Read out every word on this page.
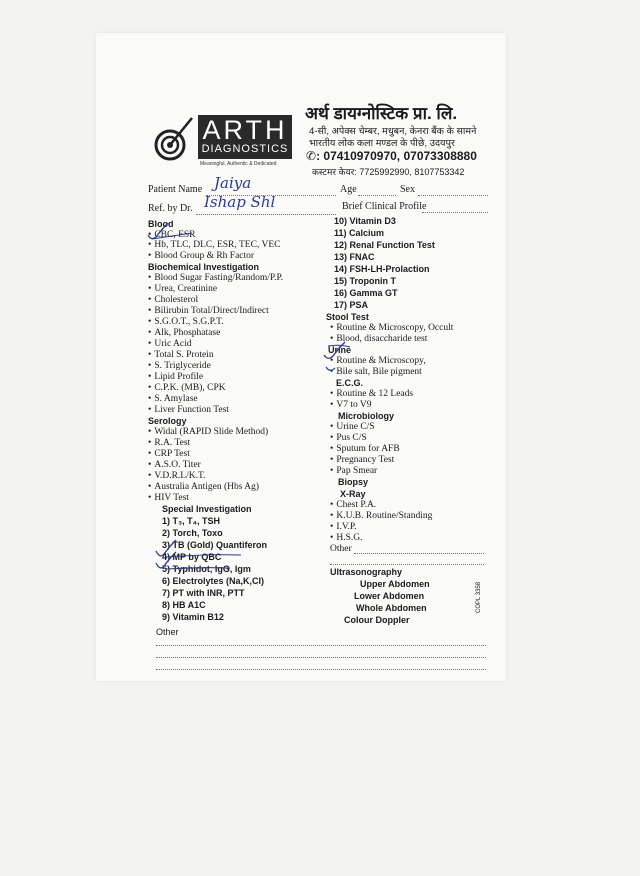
ARTH
DIAGNOSTICS
Meaningful, Authentic & Dedicated
अर्थ डायग्नोस्टिक प्रा. लि.
4-सी, अपेक्स चेम्बर, मधुबन, केनरा बैंक के सामने
भारतीय लोक कला मण्डल के पीछे, उदयपुर
✆: 07410970970, 07073308880
कस्टमर केयर: 7725992990, 8107753342
Patient Name Jaiya	Age	Sex
Ref. by Dr. Ishap Shl	Brief Clinical Profile
Blood
• CBC, ESR
• Hb, TLC, DLC, ESR, TEC, VEC
• Blood Group & Rh Factor
Biochemical Investigation
• Blood Sugar Fasting/Random/P.P.
• Urea, Creatinine
• Cholesterol
• Bilirubin Total/Direct/Indirect
• S.G.O.T., S.G.P.T.
• Alk, Phosphatase
• Uric Acid
• Total S. Protein
• S. Triglyceride
• Lipid Profile
• C.P.K. (MB), CPK
• S. Amylase
• Liver Function Test
Serology
• Widal (RAPID Slide Method)
• R.A. Test
• CRP Test
• A.S.O. Titer
• V.D.R.L/K.T.
• Australia Antigen (Hbs Ag)
• HIV Test
Special Investigation
1) T₃, T₄, TSH
2) Torch, Toxo
3) TB (Gold) Quantiferon
4) MP by QBC
5) Typhidot, IgG, Igm
6) Electrolytes (Na,K,Cl)
7) PT with INR, PTT
8) HB A1C
9) Vitamin B12
Other
10) Vitamin D3
11) Calcium
12) Renal Function Test
13) FNAC
14) FSH-LH-Prolaction
15) Troponin T
16) Gamma GT
17) PSA
Stool Test
• Routine & Microscopy, Occult
• Blood, disaccharide test
Urine
• Routine & Microscopy,
• Bile salt, Bile pigment
E.C.G.
• Routine & 12 Leads
• V7 to V9
Microbiology
• Urine C/S
• Pus C/S
• Sputum for AFB
• Pregnancy Test
• Pap Smear
Biopsy
X-Ray
• Chest P.A.
• K.U.B. Routine/Standing
• I.V.P.
• H.S.G.
Other
Ultrasonography
Upper Abdomen
Lower Abdomen
Whole Abdomen
Colour Doppler
COPL 3358
